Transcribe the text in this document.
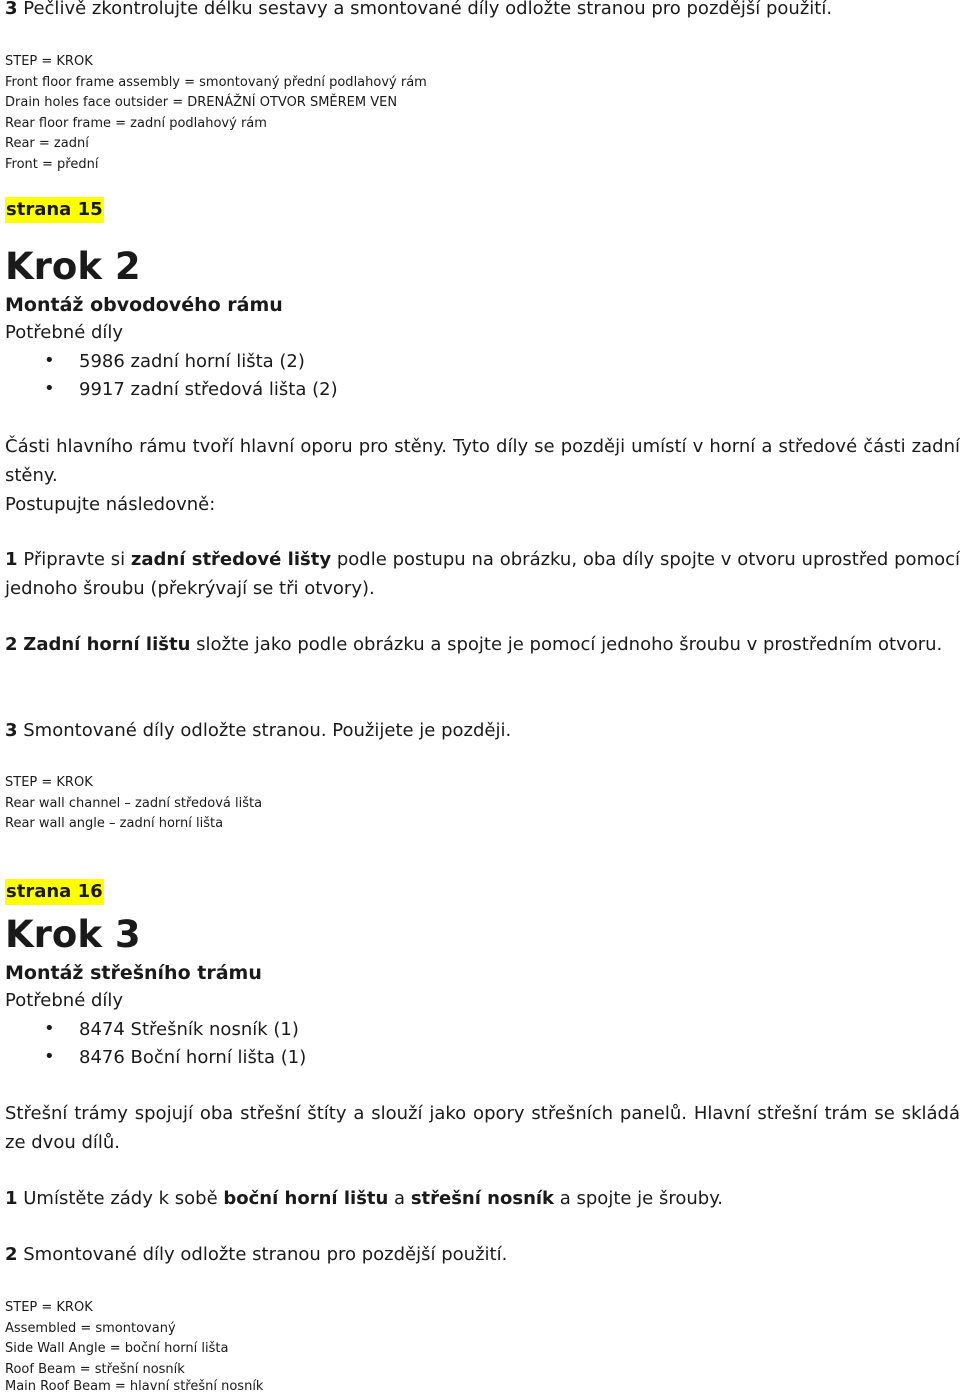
3 Pečlivě zkontrolujte délku sestavy a smontované díly odložte stranou pro pozdější použití.
STEP = KROK
Front floor frame assembly = smontovaný přední podlahový rám
Drain holes face outsider = DRENÁŽNÍ OTVOR SMĚREM VEN
Rear floor frame = zadní podlahový rám
Rear = zadní
Front = přední
strana 15
Krok 2
Montáž obvodového rámu
Potřebné díly
• 5986 zadní horní lišta (2)
• 9917 zadní středová lišta (2)
Části hlavního rámu tvoří hlavní oporu pro stěny. Tyto díly se později umístí v horní a středové části zadní stěny.
Postupujte následovně:
1 Připravte si zadní středové lišty podle postupu na obrázku, oba díly spojte v otvoru uprostřed pomocí jednoho šroubu (překrývají se tři otvory).
2 Zadní horní lištu složte jako podle obrázku a spojte je pomocí jednoho šroubu v prostředním otvoru.
3 Smontované díly odložte stranou. Použijete je později.
STEP = KROK
Rear wall channel – zadní středová lišta
Rear wall angle – zadní horní lišta
strana 16
Krok 3
Montáž střešního trámu
Potřebné díly
• 8474 Střešník nosník (1)
• 8476 Boční horní lišta (1)
Střešní trámy spojují oba střešní štíty a slouží jako opory střešních panelů. Hlavní střešní trám se skládá ze dvou dílů.
1 Umístěte zády k sobě boční horní lištu a střešní nosník a spojte je šrouby.
2 Smontované díly odložte stranou pro pozdější použití.
STEP = KROK
Assembled = smontovaný
Side Wall Angle = boční horní lišta
Roof Beam = střešní nosník
Main Roof Beam = hlavní střešní nosník
